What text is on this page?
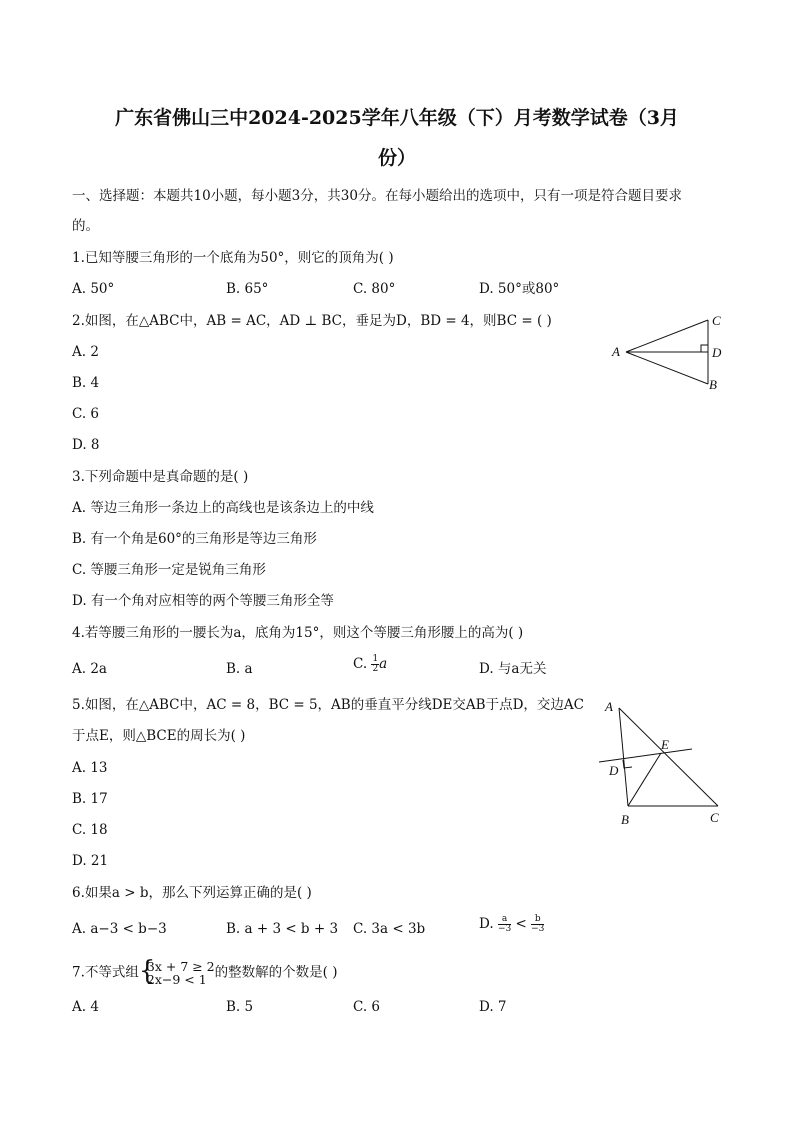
广东省佛山三中2024-2025学年八年级（下）月考数学试卷（3月
份）
一、选择题：本题共10小题，每小题3分，共30分。在每小题给出的选项中，只有一项是符合题目要求
的。
1.已知等腰三角形的一个底角为50°，则它的顶角为( )
A. 50°	B. 65°	C. 80°	D. 50°或80°
2.如图，在△ABC中，AB = AC，AD ⊥ BC，垂足为D，BD = 4，则BC = ( )
A. 2
B. 4
C. 6
D. 8
A
C
D
B
3.下列命题中是真命题的是( )
A. 等边三角形一条边上的高线也是该条边上的中线
B. 有一个角是60°的三角形是等边三角形
C. 等腰三角形一定是锐角三角形
D. 有一个角对应相等的两个等腰三角形全等
4.若等腰三角形的一腰长为a，底角为15°，则这个等腰三角形腰上的高为( )
A. 2a	B. a	C. $\frac{1}{2}$ a	D. 与a无关
5.如图，在△ABC中，AC = 8，BC = 5，AB的垂直平分线DE交AB于点D，交边AC
于点E，则△BCE的周长为( )
A. 13
B. 17
C. 18
D. 21
A
E
D
B	C
6.如果a > b，那么下列运算正确的是( )
A. a−3 < b−3	B. a + 3 < b + 3 C. 3a < 3b	D. $\frac{a}{-3} < \frac{b}{-3}$
7.不等式组 {
3x + 7 ≥ 2
2x−9 < 1 的整数解的个数是( )
A. 4	B. 5	C. 6	D. 7
